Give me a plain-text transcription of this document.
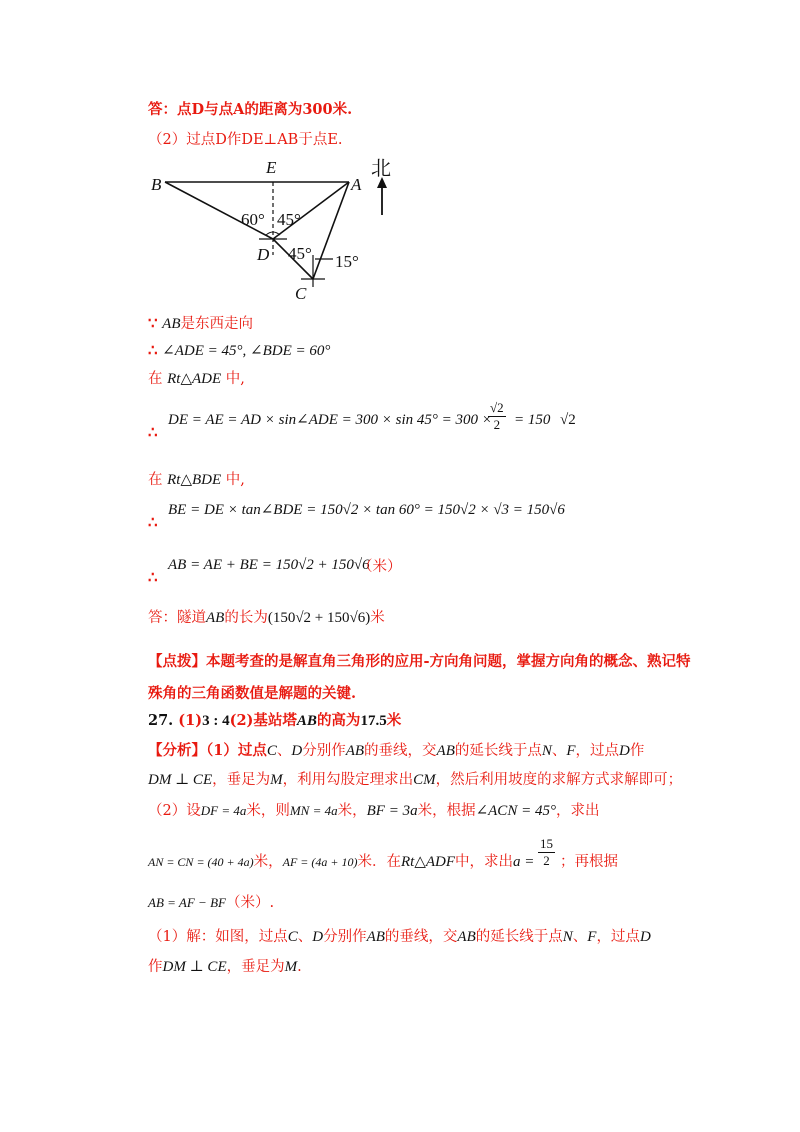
答：点D与点A的距离为300米.
（2）过点D作DE⊥AB于点E.
B
E
A
D
C
北
60° 45°
45° 15°
∵ AB是东西走向
∴ ∠ADE = 45°, ∠BDE = 60°
在 Rt△ADE 中,
∴
DE = AE = AD × sin∠ADE = 300 × sin 45° = 300 ×
$\frac{√2}{2} = 150$ √2
在 Rt△BDE 中,
∴
BE = DE × tan∠BDE = 150√2 × tan 60° = 150√2 × √3 = 150√6
∴
AB = AE + BE = 150√2 + 150√6
（米）
答：隧道AB的长为(150√2 + 150√6)米
【点拨】本题考查的是解直角三角形的应用-方向角问题，掌握方向角的概念、熟记特
殊角的三角函数值是解题的关键.
27. (1)3 : 4(2)基站塔AB的高为17.5米
【分析】（1）过点C、D分别作AB的垂线，交AB的延长线于点N、F，过点D作
DM ⊥ CE，垂足为M，利用勾股定理求出CM，然后利用坡度的求解方式求解即可；
（2）设DF = 4a米，则MN = 4a米，BF = 3a米，根据∠ACN = 45°，求出
AN = CN = (40 + 4a)米，AF = (4a + 10)米．在Rt△ADF中，求出$a = \frac{15}{2}$ ；再根据
AB = AF − BF（米）.
（1）解：如图，过点C、D分别作AB的垂线，交AB的延长线于点N、F，过点D
作DM ⊥ CE，垂足为M.
